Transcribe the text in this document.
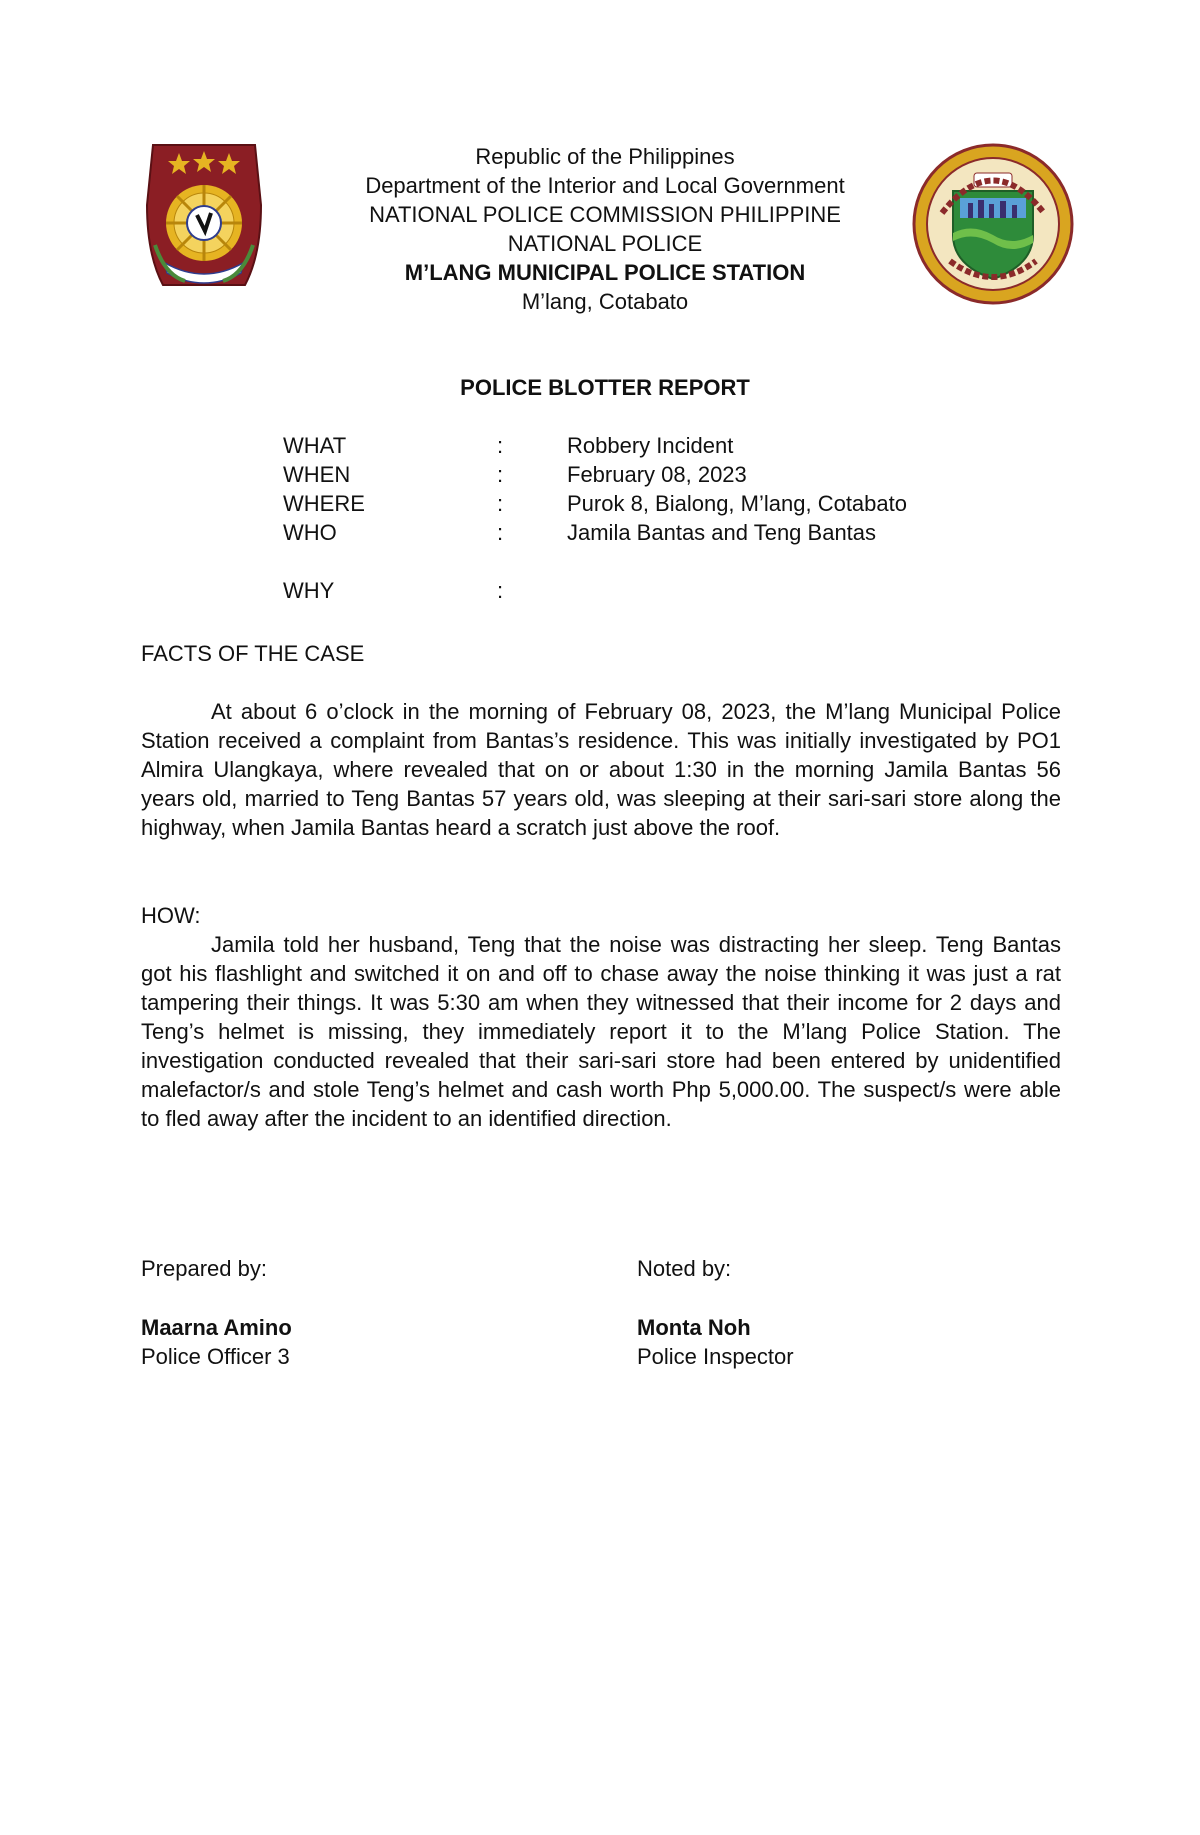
Republic of the Philippines
Department of the Interior and Local Government
NATIONAL POLICE COMMISSION PHILIPPINE
NATIONAL POLICE
M’LANG MUNICIPAL POLICE STATION
M’lang, Cotabato
POLICE BLOTTER REPORT
WHAT	:	Robbery Incident
WHEN	:	February 08, 2023
WHERE	:	Purok 8, Bialong, M’lang, Cotabato
WHO	:	Jamila Bantas and Teng Bantas
WHY	:
FACTS OF THE CASE
At about 6 o’clock in the morning of February 08, 2023, the M’lang Municipal Police Station received a complaint from Bantas’s residence. This was initially investigated by PO1 Almira Ulangkaya, where revealed that on or about 1:30 in the morning Jamila Bantas 56 years old, married to Teng Bantas 57 years old, was sleeping at their sari-sari store along the highway, when Jamila Bantas heard a scratch just above the roof.
HOW:
Jamila told her husband, Teng that the noise was distracting her sleep. Teng Bantas got his flashlight and switched it on and off to chase away the noise thinking it was just a rat tampering their things. It was 5:30 am when they witnessed that their income for 2 days and Teng’s helmet is missing, they immediately report it to the M’lang Police Station. The investigation conducted revealed that their sari-sari store had been entered by unidentified malefactor/s and stole Teng’s helmet and cash worth Php 5,000.00. The suspect/s were able to fled away after the incident to an identified direction.
Prepared by:
Maarna Amino
Police Officer 3
Noted by:
Monta Noh
Police Inspector
